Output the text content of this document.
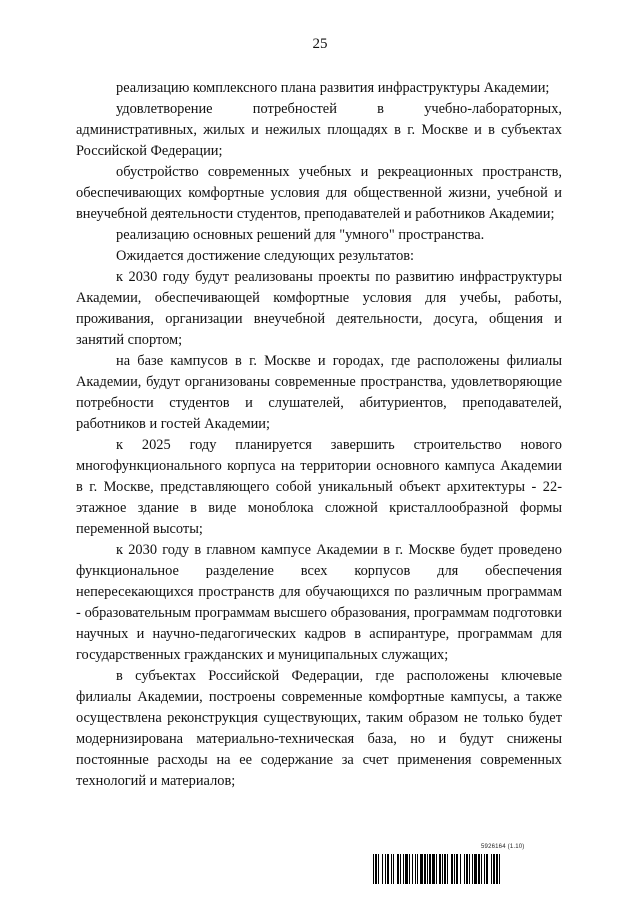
25

реализацию комплексного плана развития инфраструктуры Академии;

удовлетворение потребностей в учебно-лабораторных, административных, жилых и нежилых площадях в г. Москве и в субъектах Российской Федерации;

обустройство современных учебных и рекреационных пространств, обеспечивающих комфортные условия для общественной жизни, учебной и внеучебной деятельности студентов, преподавателей и работников Академии;

реализацию основных решений для "умного" пространства.

Ожидается достижение следующих результатов:

к 2030 году будут реализованы проекты по развитию инфраструктуры Академии, обеспечивающей комфортные условия для учебы, работы, проживания, организации внеучебной деятельности, досуга, общения и занятий спортом;

на базе кампусов в г. Москве и городах, где расположены филиалы Академии, будут организованы современные пространства, удовлетворяющие потребности студентов и слушателей, абитуриентов, преподавателей, работников и гостей Академии;

к 2025 году планируется завершить строительство нового многофункционального корпуса на территории основного кампуса Академии в г. Москве, представляющего собой уникальный объект архитектуры - 22-этажное здание в виде моноблока сложной кристаллообразной формы переменной высоты;

к 2030 году в главном кампусе Академии в г. Москве будет проведено функциональное разделение всех корпусов для обеспечения непересекающихся пространств для обучающихся по различным программам - образовательным программам высшего образования, программам подготовки научных и научно-педагогических кадров в аспирантуре, программам для государственных гражданских и муниципальных служащих;

в субъектах Российской Федерации, где расположены ключевые филиалы Академии, построены современные комфортные кампусы, а также осуществлена реконструкция существующих, таким образом не только будет модернизирована материально-техническая база, но и будут снижены постоянные расходы на ее содержание за счет применения современных технологий и материалов;

5926164 (1.10)
